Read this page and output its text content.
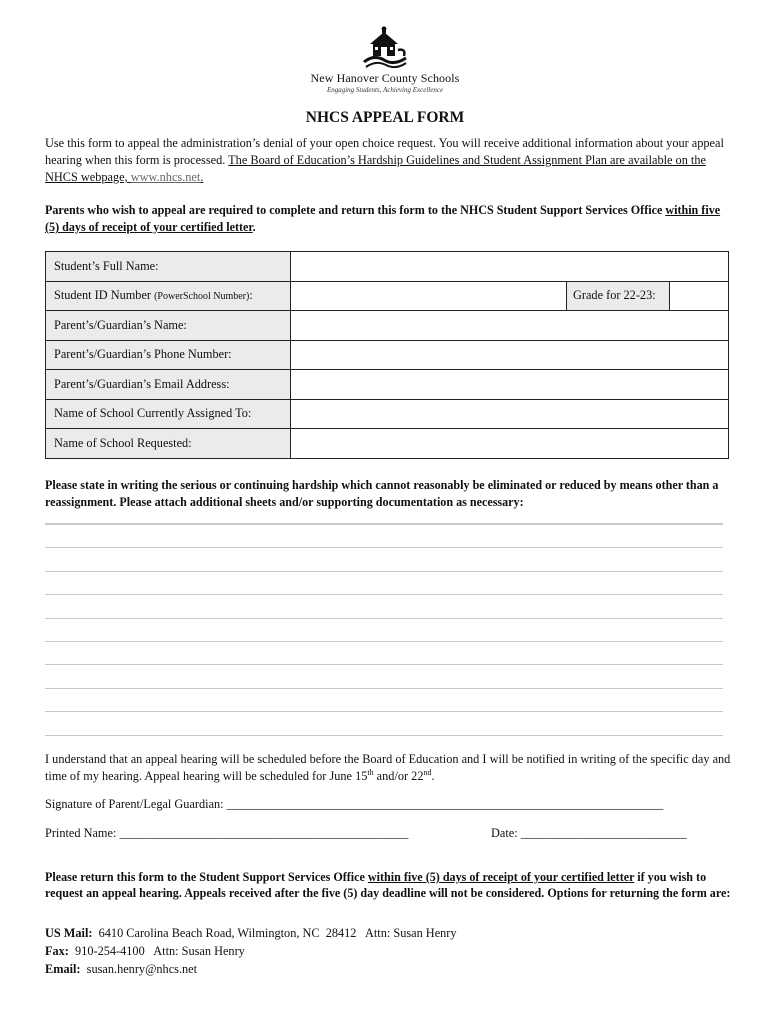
New Hanover County Schools
Engaging Students, Achieving Excellence
NHCS APPEAL FORM
Use this form to appeal the administration’s denial of your open choice request. You will receive additional information about your appeal hearing when this form is processed. The Board of Education’s Hardship Guidelines and Student Assignment Plan are available on the NHCS webpage, www.nhcs.net.
Parents who wish to appeal are required to complete and return this form to the NHCS Student Support Services Office within five (5) days of receipt of your certified letter.
Student’s Full Name:			
Student ID Number (PowerSchool Number):		Grade for 22-23:	
Parent’s/Guardian’s Name:			
Parent’s/Guardian’s Phone Number:			
Parent’s/Guardian’s Email Address:			
Name of School Currently Assigned To:			
Name of School Requested:			
Please state in writing the serious or continuing hardship which cannot reasonably be eliminated or reduced by means other than a reassignment. Please attach additional sheets and/or supporting documentation as necessary:
I understand that an appeal hearing will be scheduled before the Board of Education and I will be notified in writing of the specific day and time of my hearing. Appeal hearing will be scheduled for June 15th and/or 22nd.
Signature of Parent/Legal Guardian: _______________________________________________________________________
Printed Name: _______________________________________________	Date: ___________________________
Please return this form to the Student Support Services Office within five (5) days of receipt of your certified letter if you wish to request an appeal hearing. Appeals received after the five (5) day deadline will not be considered. Options for returning the form are:
US Mail:  6410 Carolina Beach Road, Wilmington, NC  28412   Attn: Susan Henry
Fax:  910-254-4100   Attn: Susan Henry
Email:  susan.henry@nhcs.net
